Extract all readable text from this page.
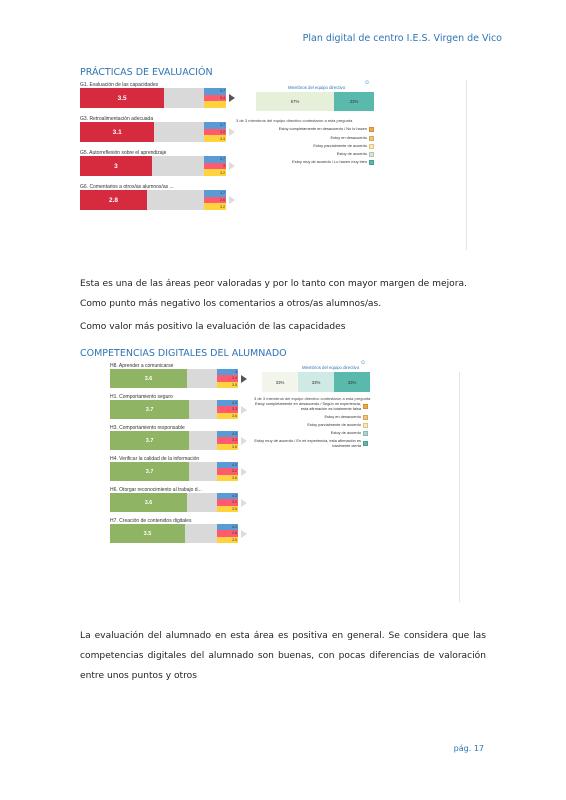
Plan digital de centro I.E.S. Virgen de Vico
PRÁCTICAS DE EVALUACIÓN
G1. Evaluación de las capacidades
3.5
3.7
3.4
G3. Retroalimentación adecuada
3.1
3.7
3.2
3.3
G5. Autorreflexión sobre el aprendizaje
3
3.7
3
3.2
G6. Comentarios a otros/as alumnos/as ...
2.8
3.7
2.6
3.2
☺
Miembros del equipo directivo
67%	33%
3 de 3 miembros del equipo directivo contestaron a esta pregunta
Estoy completamente en desacuerdo / No lo hacen
Estoy en desacuerdo
Estoy parcialmente de acuerdo
Estoy de acuerdo
Estoy muy de acuerdo / Lo hacen muy bien
Esta es una de las áreas peor valoradas y por lo tanto con mayor margen de mejora. Como punto más negativo los comentarios a otros/as alumnos/as.
Como valor más positivo la evaluación de las capacidades
COMPETENCIAS DIGITALES DEL ALUMNADO
H8. Aprender a comunicarse
3.6
4
3.4
3.5
H1. Comportamiento seguro
3.7
4.3
3.3
3.6
H3. Comportamiento responsable
3.7
4.3
3.3
3.6
H4. Verificar la calidad de la información
3.7
4.3
3.2
3.6
H6. Otorgar reconocimiento al trabajo d...
3.6
4.3
3.2
3.5
H7. Creación de contenidos digitales
3.5
4.3
2.8
3.5
☺
Miembros del equipo directivo
33%	33%	33%
3 de 3 miembros del equipo directivo contestaron a esta pregunta
Estoy completamente en desacuerdo / Según mi experiencia, esta afirmación es totalmente falsa
Estoy en desacuerdo
Estoy parcialmente de acuerdo
Estoy de acuerdo
Estoy muy de acuerdo / En mi experiencia, esta afirmación es totalmente cierta
La evaluación del alumnado en esta área es positiva en general. Se considera que las competencias digitales del alumnado son buenas, con pocas diferencias de valoración entre unos puntos y otros
pág. 17
